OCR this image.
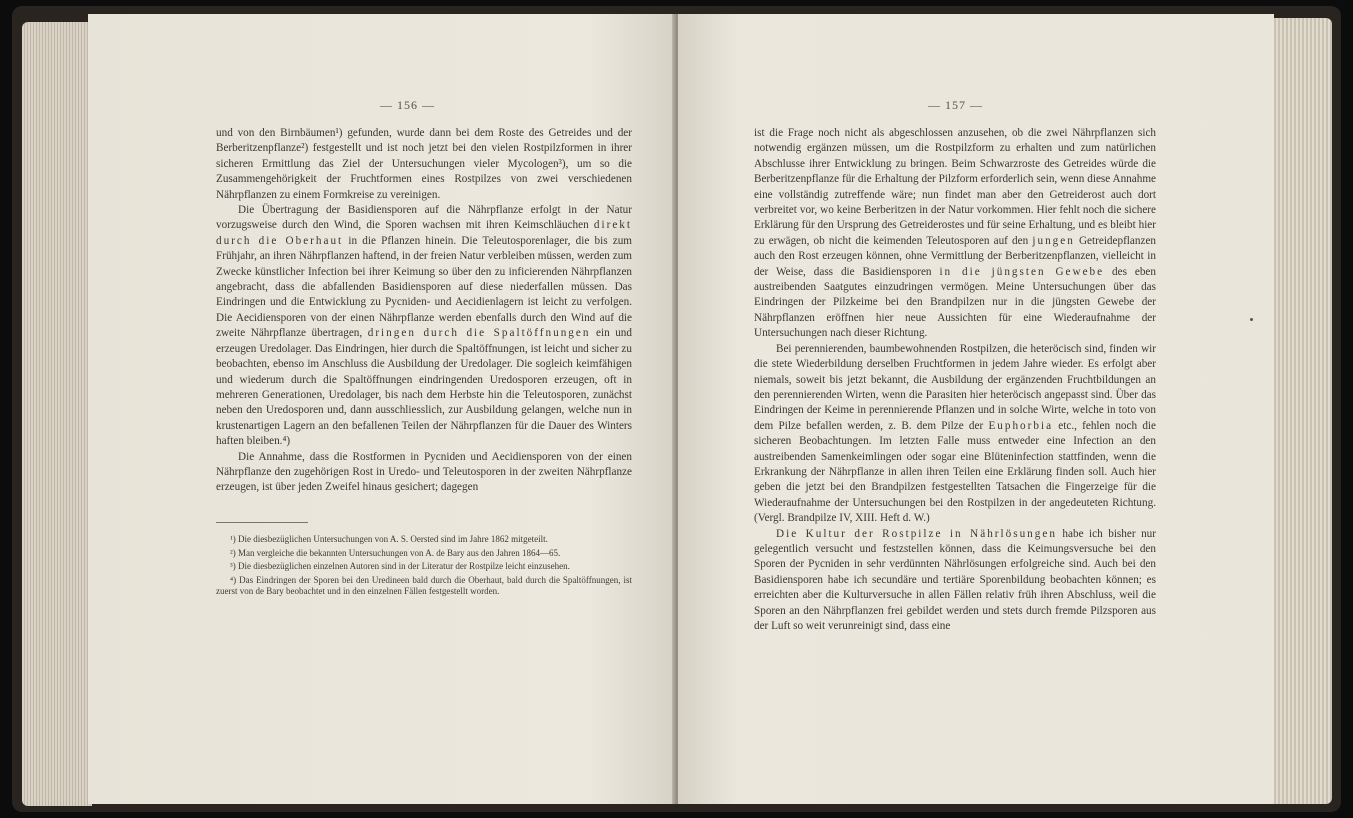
— 156 —

und von den Birnbäumen¹) gefunden, wurde dann bei dem Roste des Getreides und der Berberitzenpflanze²) festgestellt und ist noch jetzt bei den vielen Rostpilzformen in ihrer sicheren Ermittlung das Ziel der Untersuchungen vieler Mycologen³), um so die Zusammengehörigkeit der Fruchtformen eines Rostpilzes von zwei verschiedenen Nährpflanzen zu einem Formkreise zu vereinigen.

Die Übertragung der Basidiensporen auf die Nährpflanze erfolgt in der Natur vorzugsweise durch den Wind, die Sporen wachsen mit ihren Keimschläuchen direkt durch die Oberhaut in die Pflanzen hinein. Die Teleutosporenlager, die bis zum Frühjahr, an ihren Nährpflanzen haftend, in der freien Natur verbleiben müssen, werden zum Zwecke künstlicher Infection bei ihrer Keimung so über den zu inficierenden Nährpflanzen angebracht, dass die abfallenden Basidiensporen auf diese niederfallen müssen. Das Eindringen und die Entwicklung zu Pycniden- und Aecidienlagern ist leicht zu verfolgen. Die Aecidiensporen von der einen Nährpflanze werden ebenfalls durch den Wind auf die zweite Nährpflanze übertragen, dringen durch die Spaltöffnungen ein und erzeugen Uredolager. Das Eindringen, hier durch die Spaltöffnungen, ist leicht und sicher zu beobachten, ebenso im Anschluss die Ausbildung der Uredolager. Die sogleich keimfähigen und wiederum durch die Spaltöffnungen eindringenden Uredosporen erzeugen, oft in mehreren Generationen, Uredolager, bis nach dem Herbste hin die Teleutosporen, zunächst neben den Uredosporen und, dann ausschliesslich, zur Ausbildung gelangen, welche nun in krustenartigen Lagern an den befallenen Teilen der Nährpflanzen für die Dauer des Winters haften bleiben.⁴)

Die Annahme, dass die Rostformen in Pycniden und Aecidiensporen von der einen Nährpflanze den zugehörigen Rost in Uredo- und Teleutosporen in der zweiten Nährpflanze erzeugen, ist über jeden Zweifel hinaus gesichert; dagegen

¹) Die diesbezüglichen Untersuchungen von A. S. Oersted sind im Jahre 1862 mitgeteilt.

²) Man vergleiche die bekannten Untersuchungen von A. de Bary aus den Jahren 1864—65.

³) Die diesbezüglichen einzelnen Autoren sind in der Literatur der Rostpilze leicht einzusehen.

⁴) Das Eindringen der Sporen bei den Uredineen bald durch die Oberhaut, bald durch die Spaltöffnungen, ist zuerst von de Bary beobachtet und in den einzelnen Fällen festgestellt worden.

— 157 —

ist die Frage noch nicht als abgeschlossen anzusehen, ob die zwei Nährpflanzen sich notwendig ergänzen müssen, um die Rostpilzform zu erhalten und zum natürlichen Abschlusse ihrer Entwicklung zu bringen. Beim Schwarzroste des Getreides würde die Berberitzenpflanze für die Erhaltung der Pilzform erforderlich sein, wenn diese Annahme eine vollständig zutreffende wäre; nun findet man aber den Getreiderost auch dort verbreitet vor, wo keine Berberitzen in der Natur vorkommen. Hier fehlt noch die sichere Erklärung für den Ursprung des Getreiderostes und für seine Erhaltung, und es bleibt hier zu erwägen, ob nicht die keimenden Teleutosporen auf den jungen Getreidepflanzen auch den Rost erzeugen können, ohne Vermittlung der Berberitzenpflanzen, vielleicht in der Weise, dass die Basidiensporen in die jüngsten Gewebe des eben austreibenden Saatgutes einzudringen vermögen. Meine Untersuchungen über das Eindringen der Pilzkeime bei den Brandpilzen nur in die jüngsten Gewebe der Nährpflanzen eröffnen hier neue Aussichten für eine Wiederaufnahme der Untersuchungen nach dieser Richtung.

Bei perennierenden, baumbewohnenden Rostpilzen, die heteröcisch sind, finden wir die stete Wiederbildung derselben Fruchtformen in jedem Jahre wieder. Es erfolgt aber niemals, soweit bis jetzt bekannt, die Ausbildung der ergänzenden Fruchtbildungen an den perennierenden Wirten, wenn die Parasiten hier heteröcisch angepasst sind. Über das Eindringen der Keime in perennierende Pflanzen und in solche Wirte, welche in toto von dem Pilze befallen werden, z. B. dem Pilze der Euphorbia etc., fehlen noch die sicheren Beobachtungen. Im letzten Falle muss entweder eine Infection an den austreibenden Samenkeimlingen oder sogar eine Blüteninfection stattfinden, wenn die Erkrankung der Nährpflanze in allen ihren Teilen eine Erklärung finden soll. Auch hier geben die jetzt bei den Brandpilzen festgestellten Tatsachen die Fingerzeige für die Wiederaufnahme der Untersuchungen bei den Rostpilzen in der angedeuteten Richtung. (Vergl. Brandpilze IV, XIII. Heft d. W.)

Die Kultur der Rostpilze in Nährlösungen habe ich bisher nur gelegentlich versucht und festzstellen können, dass die Keimungsversuche bei den Sporen der Pycniden in sehr verdünnten Nährlösungen erfolgreiche sind. Auch bei den Basidiensporen habe ich secundäre und tertiäre Sporenbildung beobachten können; es erreichten aber die Kulturversuche in allen Fällen relativ früh ihren Abschluss, weil die Sporen an den Nährpflanzen frei gebildet werden und stets durch fremde Pilzsporen aus der Luft so weit verunreinigt sind, dass eine
